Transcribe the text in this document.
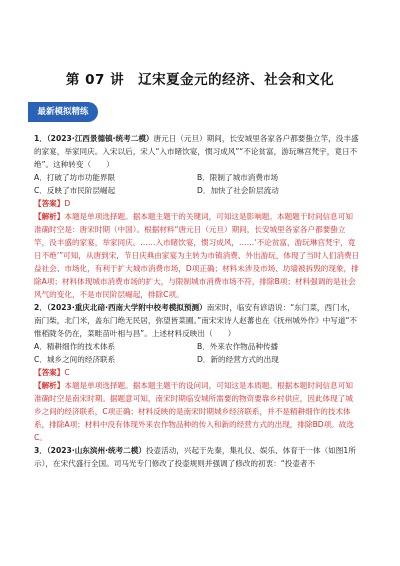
第 07 讲 辽宋夏金元的经济、社会和文化
最新模拟精练

1．（2023·江西景德镇·统考二模）唐元日（元旦）期间，长安城里各家各户都要蛰立竿，没丰盛的家宴，举家同庆。入宋以后，宋人“入市睹饮宴，惯习成风”“不论贫富，游玩琳宫梵宇，竟日不绝”。这种转变（　　）

A．打破了坊市功能界限	B．限制了城市消费市场
C．反映了市民阶层崛起	D．加快了社会阶层流动

【答案】D

【解析】本题是单项选择题。据本题主题干的关键词，可知这是影响题。本题题干时间信息可知准确时空是：唐宋时期（中国）。根据材料“唐元日（元旦）期间，长安城里各家各户都要蛰立竿，没丰盛的家宴，举家同庆。……入市睹饮宴，惯习成风，……‘不论贫富，游玩琳宫梵宇，竟日不绝’”可知，从唐到宋，节日庆典由家宴为主转为市镇消费、外出游玩，体现了当时人们消费日益社会、市场化，有利于扩大城市消费市场，D项正确；材料未涉及市场、坊墙被拆毁的现象，排除A项；材料体现城市消费市场的扩大，与限制城市消费市场不符，排除B项；材料强调的是社会风气的变化，不是市民阶层崛起，排除C项。

2．（2023·重庆北碚·西南大学附中校考模拟预测）南宋时，临安有谚语说：“东门菜，西门水，南门柴，北门米，盖东门绝无民居，弥望皆菜圃。”南宋宋诗人赵蕃也在《抚州城外作》中写道“不惟稻陇冬仍在，菜畦苗叶相与昌”。上述材料反映出（　　）

A．精耕细作的技术体系	B．外来农作物品种传播
C．城乡之间的经济联系	D．新的经营方式的出现

【答案】C

【解析】本题是单项选择题。据本题主题干的设问词，可知这是本质题。根据本题时间信息可知准确时空是南宋时期。据题意可知，南宋时期临安城所需要的物资要靠乡村供应，因此体现了城乡之间的经济联系，C项正确；材料反映的是南宋时期城乡经济联系，并不是精耕细作的技术体系，排除A项；材料中没有体现外来农作物品种的传入和新的经营方式的出现，排除BD项。故选C。

3．（2023·山东滨州·统考二模）投壶活动，兴起于先秦，集礼仪、娱乐、体育于一体（如图1所示），在宋代盛行全国。司马光专门修改了投壶规则并强调了修改的初衷：“投壶者不
